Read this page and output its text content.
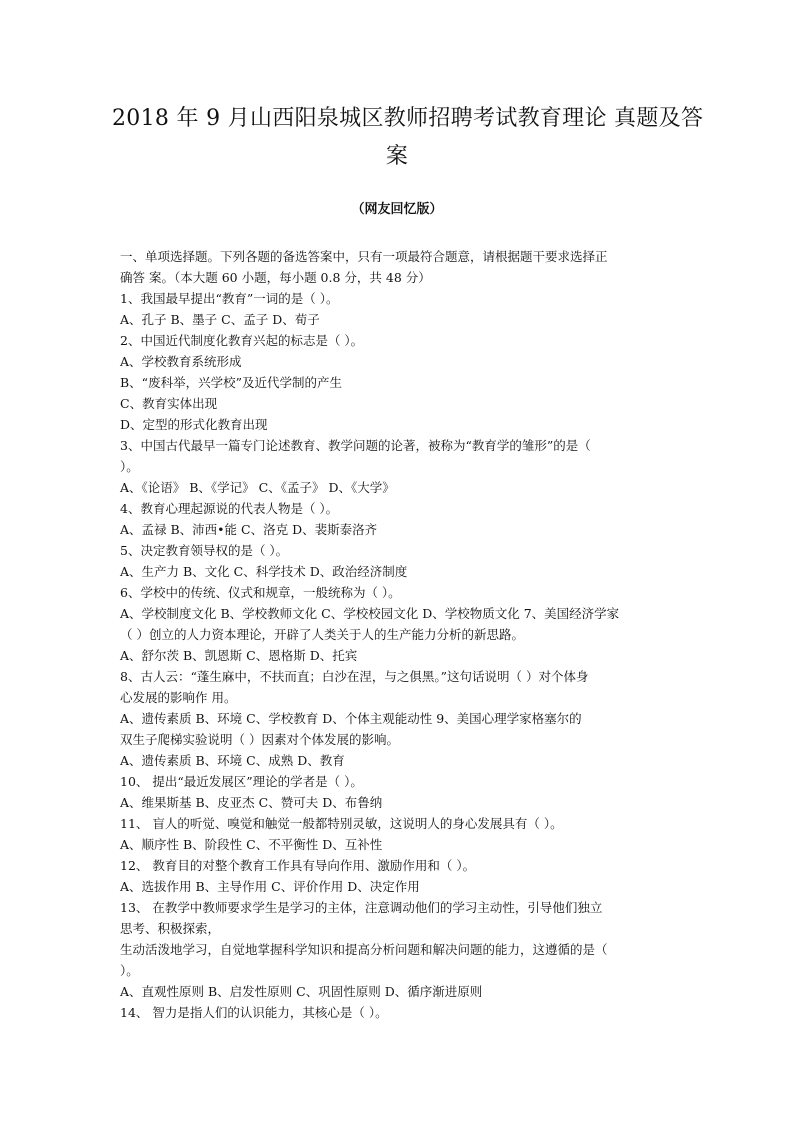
2018 年 9 月山西阳泉城区教师招聘考试教育理论 真题及答
案
（网友回忆版）
一、单项选择题。下列各题的备选答案中，只有一项最符合题意，请根据题干要求选择正
确答 案。（本大题 60 小题，每小题 0.8 分，共 48 分）
1、我国最早提出“教育”一词的是（ ）。
A、孔子 B、墨子 C、孟子 D、荀子
2、中国近代制度化教育兴起的标志是（ ）。
A、学校教育系统形成
B、“废科举，兴学校”及近代学制的产生
C、教育实体出现
D、定型的形式化教育出现
3、中国古代最早一篇专门论述教育、教学问题的论著，被称为“教育学的雏形”的是（
）。
A、《论语》 B、《学记》 C、《孟子》 D、《大学》
4、教育心理起源说的代表人物是（ ）。
A、孟禄 B、沛西•能 C、洛克 D、裴斯泰洛齐
5、决定教育领导权的是（ ）。
A、生产力 B、文化 C、科学技术 D、政治经济制度
6、学校中的传统、仪式和规章，一般统称为（ ）。
A、学校制度文化 B、学校教师文化 C、学校校园文化 D、学校物质文化 7、美国经济学家
（ ）创立的人力资本理论，开辟了人类关于人的生产能力分析的新思路。
A、舒尔茨 B、凯恩斯 C、恩格斯 D、托宾
8、古人云：“蓬生麻中，不扶而直；白沙在涅，与之俱黑。”这句话说明（ ）对个体身
心发展的影响作 用。
A、遗传素质 B、环境 C、学校教育 D、个体主观能动性 9、美国心理学家格塞尔的
双生子爬梯实验说明（ ）因素对个体发展的影响。
A、遗传素质 B、环境 C、成熟 D、教育
10、 提出“最近发展区”理论的学者是（ ）。
A、维果斯基 B、皮亚杰 C、赞可夫 D、布鲁纳
11、 盲人的听觉、嗅觉和触觉一般都特别灵敏，这说明人的身心发展具有（ ）。
A、顺序性 B、阶段性 C、不平衡性 D、互补性
12、 教育目的对整个教育工作具有导向作用、激励作用和（ ）。
A、选拔作用 B、主导作用 C、评价作用 D、决定作用
13、 在教学中教师要求学生是学习的主体，注意调动他们的学习主动性，引导他们独立
思考、积极探索，
生动活泼地学习，自觉地掌握科学知识和提高分析问题和解决问题的能力，这遵循的是（
）。
A、直观性原则 B、启发性原则 C、巩固性原则 D、循序渐进原则
14、 智力是指人们的认识能力，其核心是（ ）。
